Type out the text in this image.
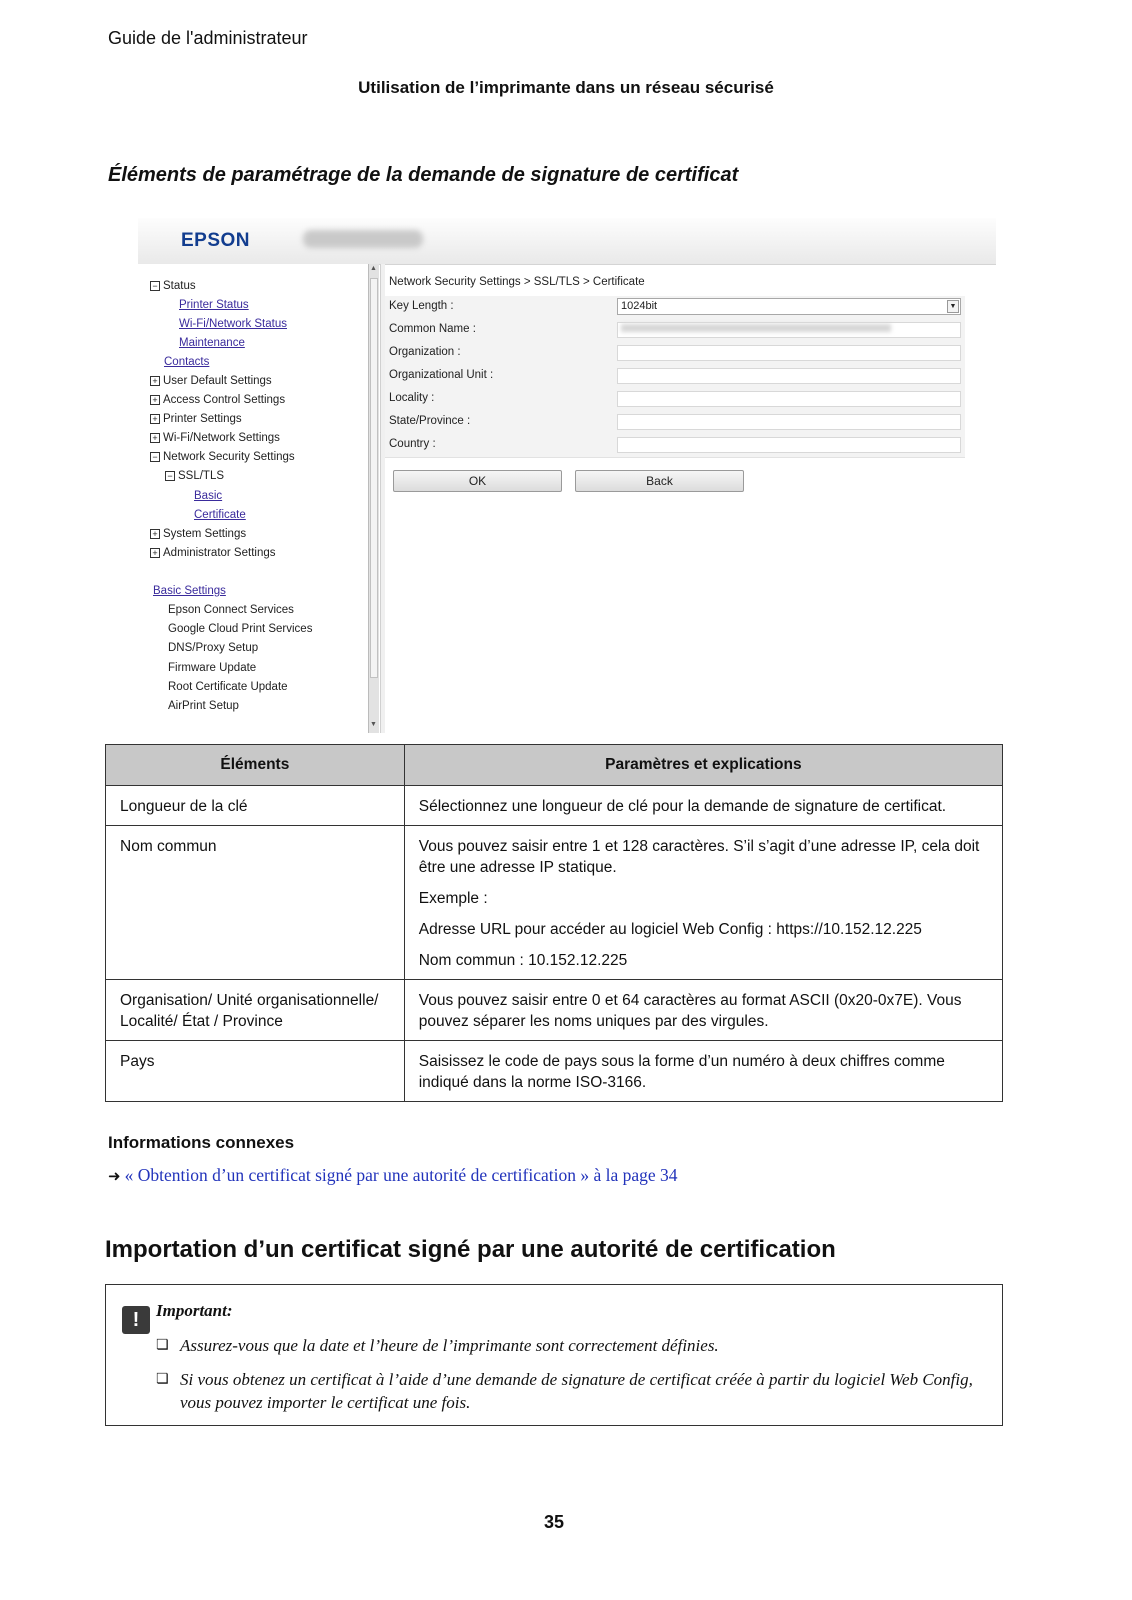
Guide de l'administrateur
Utilisation de l’imprimante dans un réseau sécurisé
Éléments de paramétrage de la demande de signature de certificat
EPSON
− Status
Printer Status
Wi-Fi/Network Status
Maintenance
Contacts
+ User Default Settings
+ Access Control Settings
+ Printer Settings
+ Wi-Fi/Network Settings
− Network Security Settings
− SSL/TLS
Basic
Certificate
+ System Settings
+ Administrator Settings
Basic Settings
Epson Connect Services
Google Cloud Print Services
DNS/Proxy Setup
Firmware Update
Root Certificate Update
AirPrint Setup
▲
▼
Network Security Settings > SSL/TLS > Certificate
Key Length :	1024bit	▼
Common Name :
Organization :
Organizational Unit :
Locality :
State/Province :
Country :
OK	Back
Éléments	Paramètres et explications
Longueur de la clé	Sélectionnez une longueur de clé pour la demande de signature de certificat.

Nom commun	Vous pouvez saisir entre 1 et 128 caractères. S’il s’agit d’une adresse IP, cela doit être une adresse IP statique.

Exemple :

Adresse URL pour accéder au logiciel Web Config : https://10.152.12.225

Nom commun : 10.152.12.225

Organisation/ Unité organisationnelle/ Localité/ État / Province	Vous pouvez saisir entre 0 et 64 caractères au format ASCII (0x20-0x7E). Vous pouvez séparer les noms uniques par des virgules.

Pays	Saisissez le code de pays sous la forme d’un numéro à deux chiffres comme indiqué dans la norme ISO-3166.

Informations connexes
➜ « Obtention d’un certificat signé par une autorité de certification » à la page 34
Importation d’un certificat signé par une autorité de certification
! Important:
❏ Assurez-vous que la date et l’heure de l’imprimante sont correctement définies.
❏ Si vous obtenez un certificat à l’aide d’une demande de signature de certificat créée à partir du logiciel Web Config, vous pouvez importer le certificat une fois.
35
